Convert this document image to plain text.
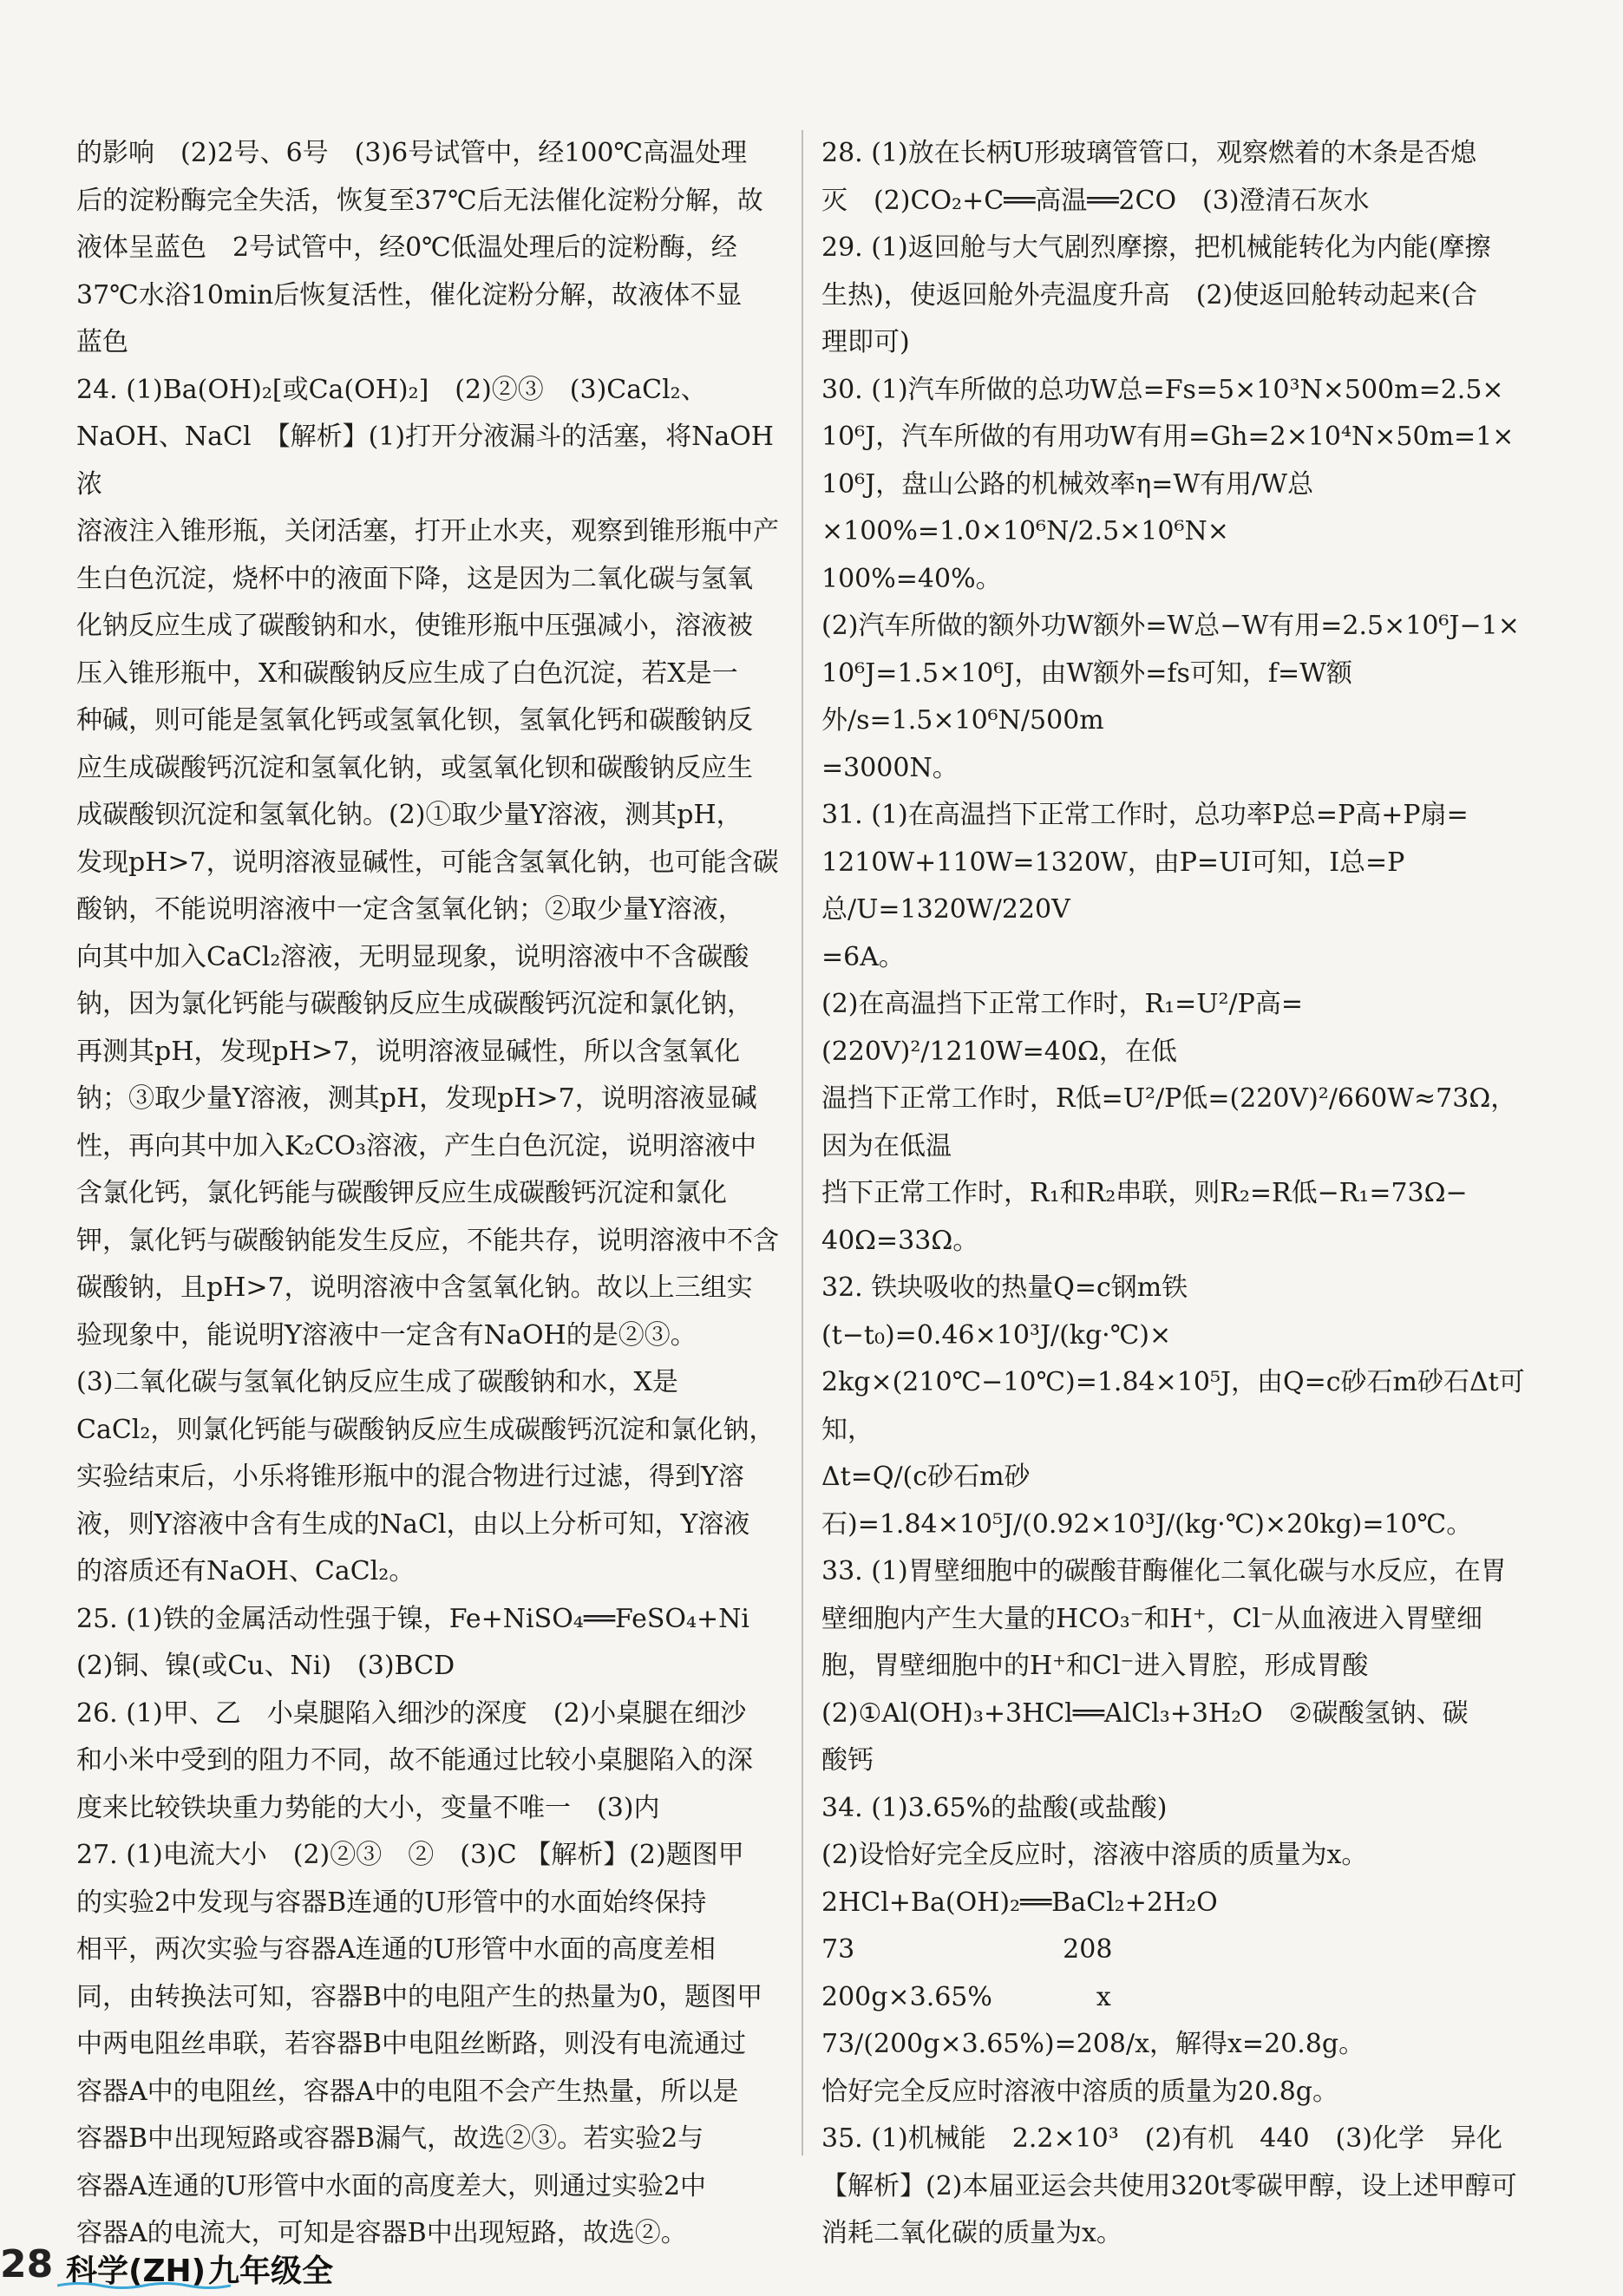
的影响　(2)2号、6号　(3)6号试管中，经100℃高温处理

后的淀粉酶完全失活，恢复至37℃后无法催化淀粉分解，故

液体呈蓝色　2号试管中，经0℃低温处理后的淀粉酶，经

37℃水浴10min后恢复活性，催化淀粉分解，故液体不显

蓝色

24. (1)Ba(OH)₂[或Ca(OH)₂]　(2)②③　(3)CaCl₂、

NaOH、NaCl　【解析】(1)打开分液漏斗的活塞，将NaOH浓

溶液注入锥形瓶，关闭活塞，打开止水夹，观察到锥形瓶中产

生白色沉淀，烧杯中的液面下降，这是因为二氧化碳与氢氧

化钠反应生成了碳酸钠和水，使锥形瓶中压强减小，溶液被

压入锥形瓶中，X和碳酸钠反应生成了白色沉淀，若X是一

种碱，则可能是氢氧化钙或氢氧化钡，氢氧化钙和碳酸钠反

应生成碳酸钙沉淀和氢氧化钠，或氢氧化钡和碳酸钠反应生

成碳酸钡沉淀和氢氧化钠。(2)①取少量Y溶液，测其pH，

发现pH>7，说明溶液显碱性，可能含氢氧化钠，也可能含碳

酸钠，不能说明溶液中一定含氢氧化钠；②取少量Y溶液，

向其中加入CaCl₂溶液，无明显现象，说明溶液中不含碳酸

钠，因为氯化钙能与碳酸钠反应生成碳酸钙沉淀和氯化钠，

再测其pH，发现pH>7，说明溶液显碱性，所以含氢氧化

钠；③取少量Y溶液，测其pH，发现pH>7，说明溶液显碱

性，再向其中加入K₂CO₃溶液，产生白色沉淀，说明溶液中

含氯化钙，氯化钙能与碳酸钾反应生成碳酸钙沉淀和氯化

钾，氯化钙与碳酸钠能发生反应，不能共存，说明溶液中不含

碳酸钠，且pH>7，说明溶液中含氢氧化钠。故以上三组实

验现象中，能说明Y溶液中一定含有NaOH的是②③。

(3)二氧化碳与氢氧化钠反应生成了碳酸钠和水，X是

CaCl₂，则氯化钙能与碳酸钠反应生成碳酸钙沉淀和氯化钠，

实验结束后，小乐将锥形瓶中的混合物进行过滤，得到Y溶

液，则Y溶液中含有生成的NaCl，由以上分析可知，Y溶液

的溶质还有NaOH、CaCl₂。

25. (1)铁的金属活动性强于镍，Fe+NiSO₄══FeSO₄+Ni

(2)铜、镍(或Cu、Ni)　(3)BCD

26. (1)甲、乙　小桌腿陷入细沙的深度　(2)小桌腿在细沙

和小米中受到的阻力不同，故不能通过比较小桌腿陷入的深

度来比较铁块重力势能的大小，变量不唯一　(3)内

27. (1)电流大小　(2)②③　②　(3)C 【解析】(2)题图甲

的实验2中发现与容器B连通的U形管中的水面始终保持

相平，两次实验与容器A连通的U形管中水面的高度差相

同，由转换法可知，容器B中的电阻产生的热量为0，题图甲

中两电阻丝串联，若容器B中电阻丝断路，则没有电流通过

容器A中的电阻丝，容器A中的电阻不会产生热量，所以是

容器B中出现短路或容器B漏气，故选②③。若实验2与

容器A连通的U形管中水面的高度差大，则通过实验2中

容器A的电流大，可知是容器B中出现短路，故选②。

28. (1)放在长柄U形玻璃管管口，观察燃着的木条是否熄

灭　(2)CO₂+C══高温══2CO　(3)澄清石灰水

29. (1)返回舱与大气剧烈摩擦，把机械能转化为内能(摩擦

生热)，使返回舱外壳温度升高　(2)使返回舱转动起来(合

理即可)

30. (1)汽车所做的总功W总=Fs=5×10³N×500m=2.5×

10⁶J，汽车所做的有用功W有用=Gh=2×10⁴N×50m=1×

10⁶J，盘山公路的机械效率η=W有用/W总×100%=1.0×10⁶N/2.5×10⁶N×

100%=40%。

(2)汽车所做的额外功W额外=W总−W有用=2.5×10⁶J−1×

10⁶J=1.5×10⁶J，由W额外=fs可知，f=W额外/s=1.5×10⁶N/500m

=3000N。

31. (1)在高温挡下正常工作时，总功率P总=P高+P扇=

1210W+110W=1320W，由P=UI可知，I总=P总/U=1320W/220V

=6A。

(2)在高温挡下正常工作时，R₁=U²/P高=(220V)²/1210W=40Ω，在低

温挡下正常工作时，R低=U²/P低=(220V)²/660W≈73Ω，因为在低温

挡下正常工作时，R₁和R₂串联，则R₂=R低−R₁=73Ω−

40Ω=33Ω。

32. 铁块吸收的热量Q=c钢m铁(t−t₀)=0.46×10³J/(kg·℃)×

2kg×(210℃−10℃)=1.84×10⁵J，由Q=c砂石m砂石Δt可知，

Δt=Q/(c砂石m砂石)=1.84×10⁵J/(0.92×10³J/(kg·℃)×20kg)=10℃。

33. (1)胃壁细胞中的碳酸苷酶催化二氧化碳与水反应，在胃

壁细胞内产生大量的HCO₃⁻和H⁺，Cl⁻从血液进入胃壁细

胞，胃壁细胞中的H⁺和Cl⁻进入胃腔，形成胃酸

(2)①Al(OH)₃+3HCl══AlCl₃+3H₂O　②碳酸氢钠、碳

酸钙

34. (1)3.65%的盐酸(或盐酸)

(2)设恰好完全反应时，溶液中溶质的质量为x。

2HCl+Ba(OH)₂══BaCl₂+2H₂O

73　　　　　　　　208

200g×3.65%　　　　x

73/(200g×3.65%)=208/x，解得x=20.8g。

恰好完全反应时溶液中溶质的质量为20.8g。

35. (1)机械能　2.2×10³　(2)有机　440　(3)化学　异化

【解析】(2)本届亚运会共使用320t零碳甲醇，设上述甲醇可

消耗二氧化碳的质量为x。

28 科学(ZH) 九年级全
